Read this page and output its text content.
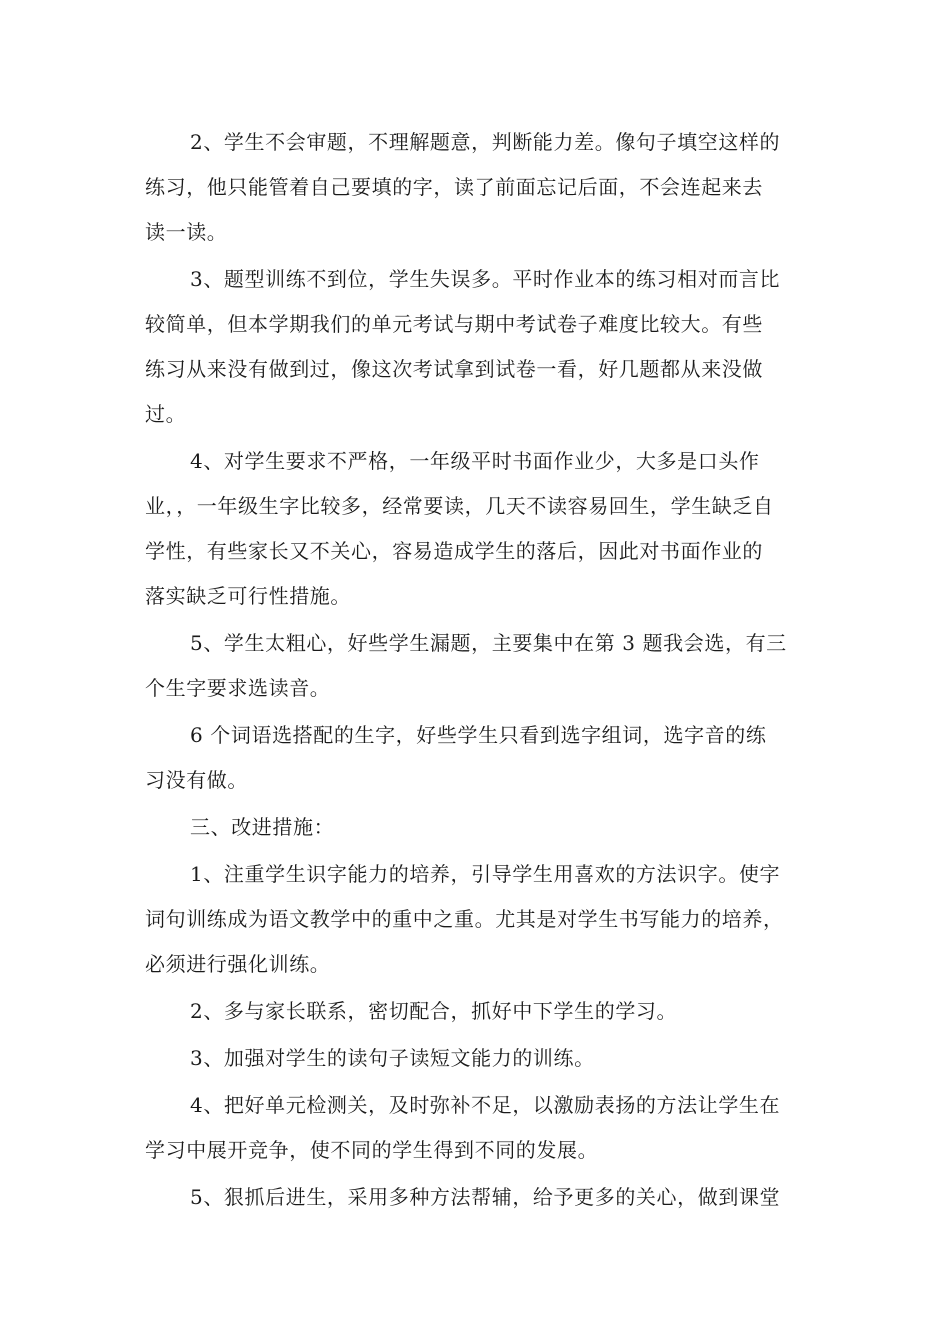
2、学生不会审题，不理解题意，判断能力差。像句子填空这样的
练习，他只能管着自己要填的字，读了前面忘记后面，不会连起来去
读一读。

3、题型训练不到位，学生失误多。平时作业本的练习相对而言比
较简单，但本学期我们的单元考试与期中考试卷子难度比较大。有些
练习从来没有做到过，像这次考试拿到试卷一看，好几题都从来没做
过。

4、对学生要求不严格，一年级平时书面作业少，大多是口头作
业，，一年级生字比较多，经常要读，几天不读容易回生，学生缺乏自
学性，有些家长又不关心，容易造成学生的落后，因此对书面作业的
落实缺乏可行性措施。

5、学生太粗心，好些学生漏题，主要集中在第 3 题我会选，有三
个生字要求选读音。

6 个词语选搭配的生字，好些学生只看到选字组词，选字音的练
习没有做。

三、改进措施：

1、注重学生识字能力的培养，引导学生用喜欢的方法识字。使字
词句训练成为语文教学中的重中之重。尤其是对学生书写能力的培养，
必须进行强化训练。

2、多与家长联系，密切配合，抓好中下学生的学习。

3、加强对学生的读句子读短文能力的训练。

4、把好单元检测关，及时弥补不足，以激励表扬的方法让学生在
学习中展开竞争，使不同的学生得到不同的发展。

5、狠抓后进生，采用多种方法帮辅，给予更多的关心，做到课堂
